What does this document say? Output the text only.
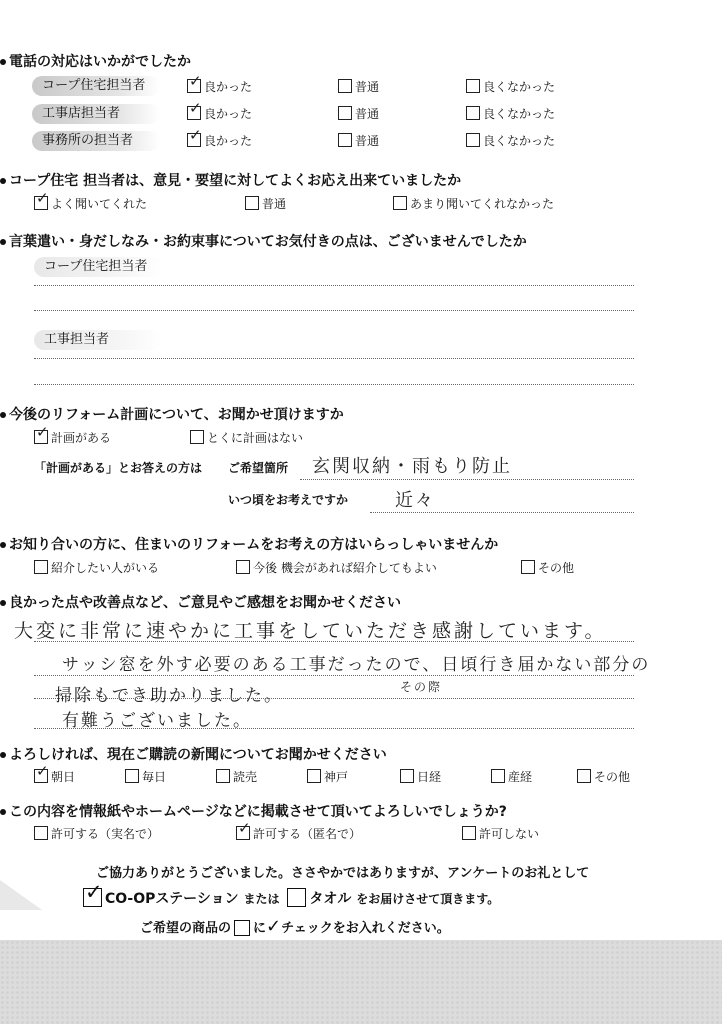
電話の対応はいかがでしたか
コープ住宅担当者 ✓	良かった	普通	良くなかった
工事店担当者 ✓	良かった	普通	良くなかった
事務所の担当者 ✓	良かった	普通	良くなかった
コープ住宅 担当者は、意見・要望に対してよくお応え出来ていましたか
✓よく聞いてくれた	普通	あまり聞いてくれなかった
言葉遣い・身だしなみ・お約束事についてお気付きの点は、ございませんでしたか
コープ住宅担当者
工事担当者
今後のリフォーム計画について、お聞かせ頂けますか
✓計画がある	とくに計画はない
「計画がある」とお答えの方は ご希望箇所 玄関収納・雨もり防止
いつ頃をお考えですか	近々
お知り合いの方に、住まいのリフォームをお考えの方はいらっしゃいませんか
紹介したい人がいる	今後 機会があれば紹介してもよい	その他
良かった点や改善点など、ご意見やご感想をお聞かせください
大変に非常に速やかに工事をしていただき感謝しています。
サッシ窓を外す必要のある工事だったので、日頃行き届かない部分の
掃除もでき助かりました。	その際
有難うございました。
よろしければ、現在ご購読の新聞についてお聞かせください
✓朝日	毎日	読売	神戸	日経	産経	その他
この内容を情報紙やホームページなどに掲載させて頂いてよろしいでしょうか?
許可する（実名で） ✓	許可する（匿名で）	許可しない
ご協力ありがとうございました。ささやかではありますが、アンケートのお礼として
✓CO-OPステーション または タオル をお届けさせて頂きます。
ご希望の商品の に✓チェックをお入れください。
